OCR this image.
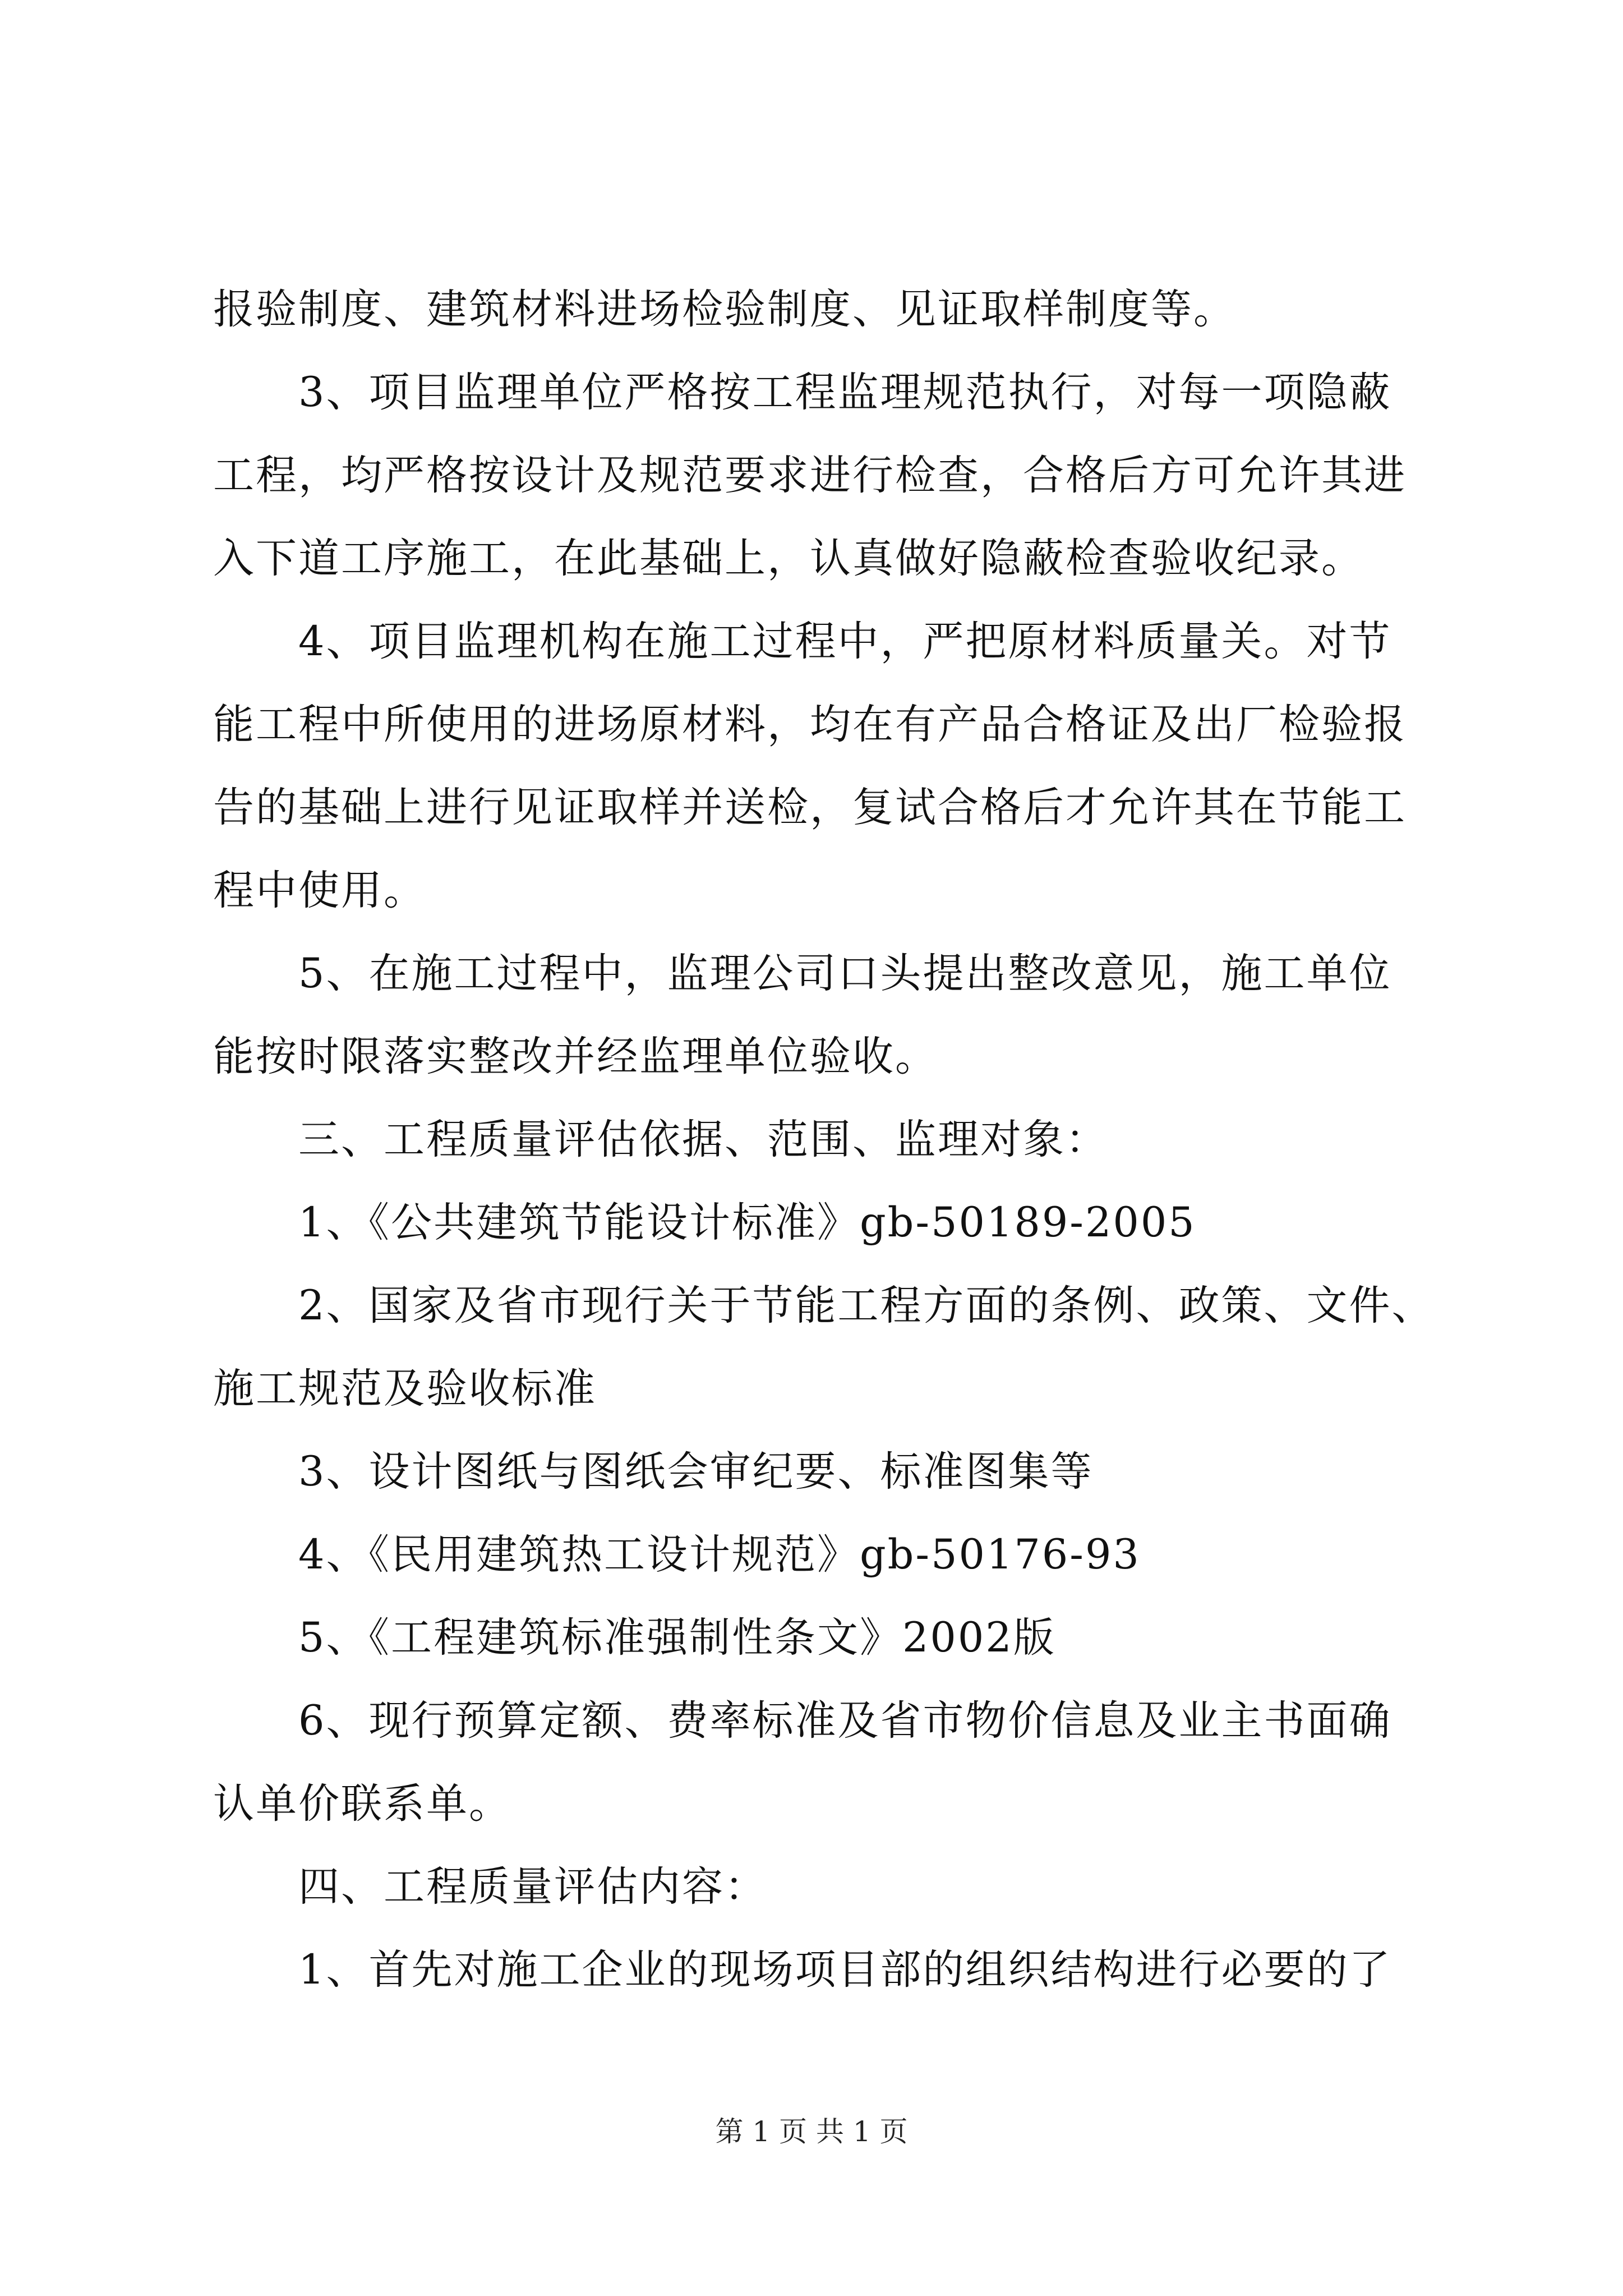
报验制度、建筑材料进场检验制度、见证取样制度等。
3、项目监理单位严格按工程监理规范执行，对每一项隐蔽
工程，均严格按设计及规范要求进行检查，合格后方可允许其进
入下道工序施工，在此基础上，认真做好隐蔽检查验收纪录。
4、项目监理机构在施工过程中，严把原材料质量关。对节
能工程中所使用的进场原材料，均在有产品合格证及出厂检验报
告的基础上进行见证取样并送检，复试合格后才允许其在节能工
程中使用。
5、在施工过程中，监理公司口头提出整改意见，施工单位
能按时限落实整改并经监理单位验收。
三、工程质量评估依据、范围、监理对象：
1、《公共建筑节能设计标准》gb-50189-2005
2、国家及省市现行关于节能工程方面的条例、政策、文件、
施工规范及验收标准
3、设计图纸与图纸会审纪要、标准图集等
4、《民用建筑热工设计规范》gb-50176-93
5、《工程建筑标准强制性条文》2002版
6、现行预算定额、费率标准及省市物价信息及业主书面确
认单价联系单。
四、工程质量评估内容：
1、首先对施工企业的现场项目部的组织结构进行必要的了
第 1 页 共 1 页
